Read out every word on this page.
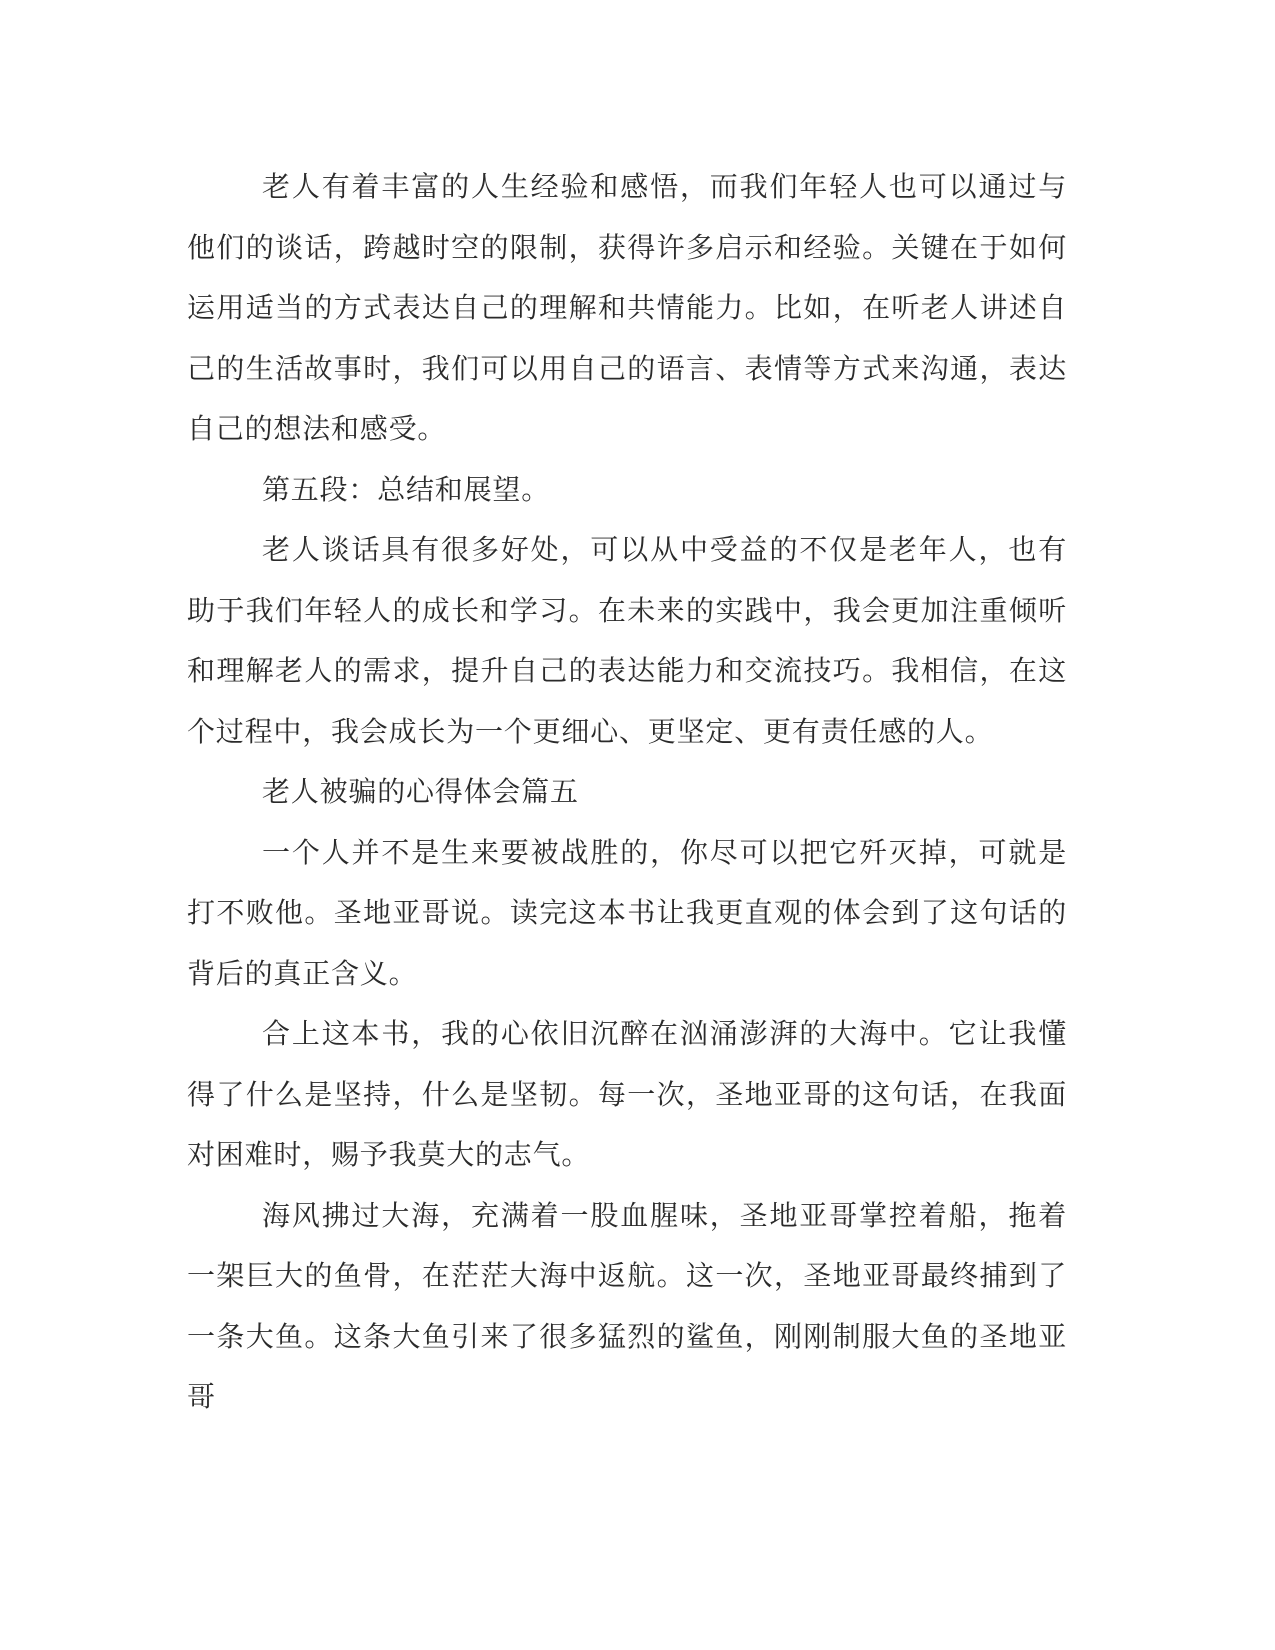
老人有着丰富的人生经验和感悟，而我们年轻人也可以通过与他们的谈话，跨越时空的限制，获得许多启示和经验。关键在于如何运用适当的方式表达自己的理解和共情能力。比如，在听老人讲述自己的生活故事时，我们可以用自己的语言、表情等方式来沟通，表达自己的想法和感受。

第五段：总结和展望。

老人谈话具有很多好处，可以从中受益的不仅是老年人，也有助于我们年轻人的成长和学习。在未来的实践中，我会更加注重倾听和理解老人的需求，提升自己的表达能力和交流技巧。我相信，在这个过程中，我会成长为一个更细心、更坚定、更有责任感的人。

老人被骗的心得体会篇五

一个人并不是生来要被战胜的，你尽可以把它歼灭掉，可就是打不败他。圣地亚哥说。读完这本书让我更直观的体会到了这句话的背后的真正含义。

合上这本书，我的心依旧沉醉在汹涌澎湃的大海中。它让我懂得了什么是坚持，什么是坚韧。每一次，圣地亚哥的这句话，在我面对困难时，赐予我莫大的志气。

海风拂过大海，充满着一股血腥味，圣地亚哥掌控着船，拖着一架巨大的鱼骨，在茫茫大海中返航。这一次，圣地亚哥最终捕到了一条大鱼。这条大鱼引来了很多猛烈的鲨鱼，刚刚制服大鱼的圣地亚哥
